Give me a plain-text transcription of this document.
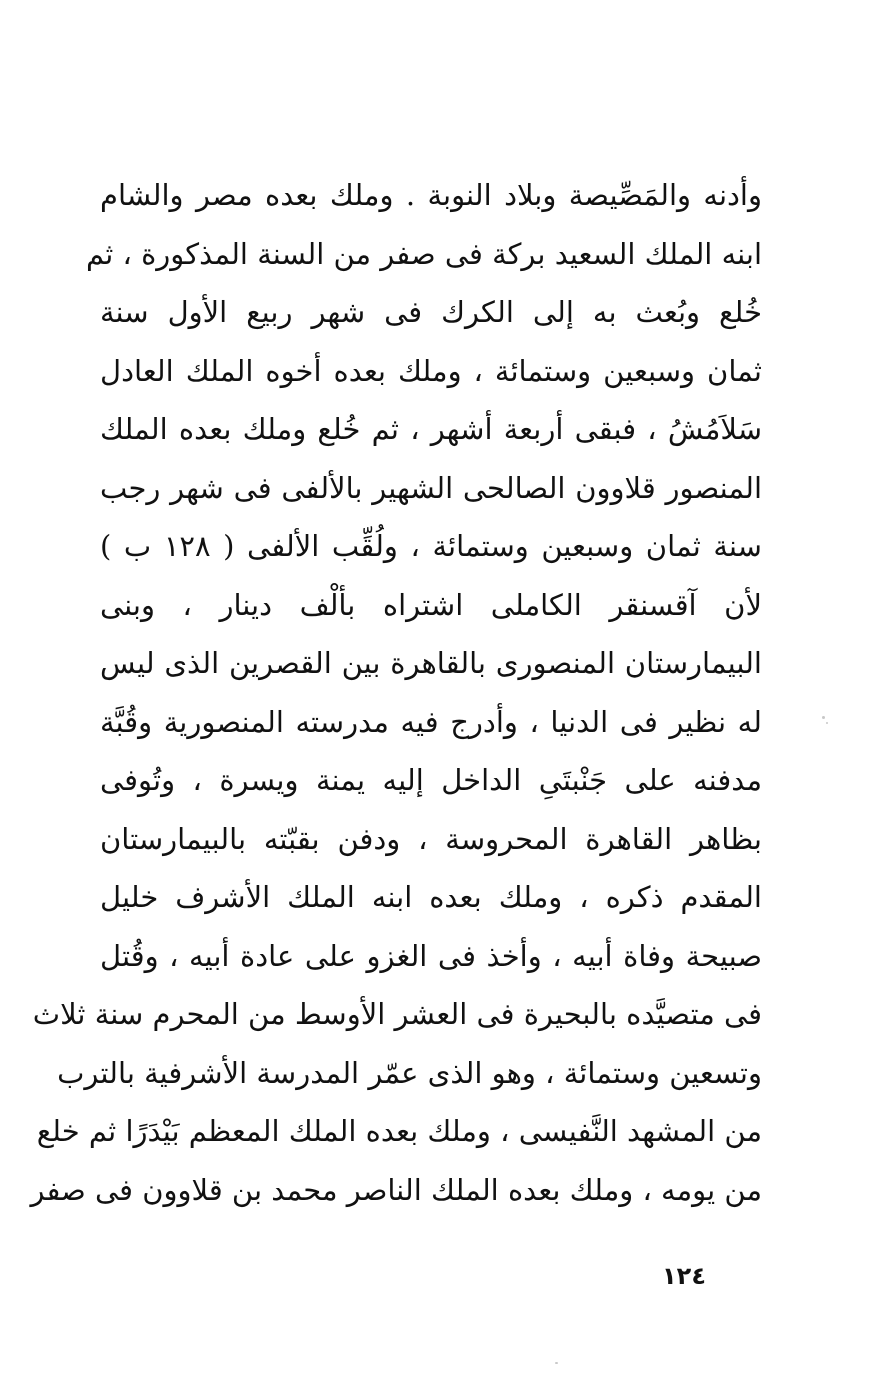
وأدنه والمَصِّيصة وبلاد النوبة . وملك بعده مصر والشام
ابنه الملك السعيد بركة فى صفر من السنة المذكورة ، ثم
خُلع وبُعث به إلى الكرك فى شهر ربيع الأول سنة
ثمان وسبعين وستمائة ، وملك بعده أخوه الملك العادل
سَلاَمُشُ ، فبقى أربعة أشهر ، ثم خُلع وملك بعده الملك
المنصور قلاوون الصالحى الشهير بالألفى فى شهر رجب
سنة ثمان وسبعين وستمائة ، ولُقِّب الألفى ( ١٢٨ ب )
لأن آقسنقر الكاملى اشتراه بألْف دينار ، وبنى
البيمارستان المنصورى بالقاهرة بين القصرين الذى ليس
له نظير فى الدنيا ، وأدرج فيه مدرسته المنصورية وقُبَّة
مدفنه على جَنْبتَىِ الداخل إليه يمنة ويسرة ، وتُوفى
بظاهر القاهرة المحروسة ، ودفن بقبّته بالبيمارستان
المقدم ذكره ، وملك بعده ابنه الملك الأشرف خليل
صبيحة وفاة أبيه ، وأخذ فى الغزو على عادة أبيه ، وقُتل
فى متصيَّده بالبحيرة فى العشر الأوسط من المحرم سنة ثلاث
وتسعين وستمائة ، وهو الذى عمّر المدرسة الأشرفية بالترب
من المشهد النَّفيسى ، وملك بعده الملك المعظم بَيْدَرًا ثم خلع
من يومه ، وملك بعده الملك الناصر محمد بن قلاوون فى صفر
١٢٤
